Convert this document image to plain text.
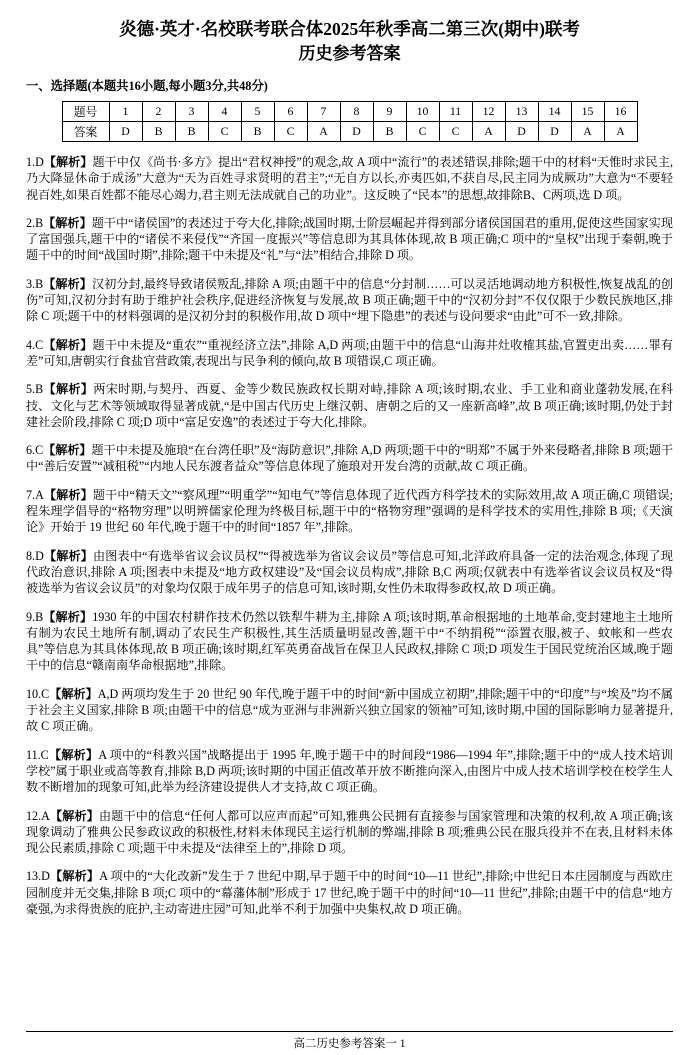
炎德·英才·名校联考联合体2025年秋季高二第三次(期中)联考
历史参考答案
一、选择题(本题共16小题,每小题3分,共48分)
题号	1	2	3	4	5	6	7	8	9	10	11	12	13	14	15	16
答案	D	B	B	C	B	C	A	D	B	C	C	A	D	D	A	A

1.D【解析】题干中仅《尚书·多方》提出“君权神授”的观念,故 A 项中“流行”的表述错误,排除;题干中的材料“天惟时求民主,乃大降显休命于成汤”大意为“天为百姓寻求贤明的君主”;“无自方以长,亦夷匹如,不获自尽,民主同为成厥功”大意为“不要轻视百姓,如果百姓都不能尽心竭力,君主则无法成就自己的功业”。这反映了“民本”的思想,故排除B、C两项,选 D 项。

2.B【解析】题干中“诸侯国”的表述过于夸大化,排除;战国时期,士阶层崛起并得到部分诸侯国国君的重用,促使这些国家实现了富国强兵,题干中的“诸侯不来侵伐”“齐国一度振兴”等信息即为其具体体现,故 B 项正确;C 项中的“皇权”出现于秦朝,晚于题干中的时间“战国时期”,排除;题干中未提及“礼”与“法”相结合,排除 D 项。

3.B【解析】汉初分封,最终导致诸侯叛乱,排除 A 项;由题干中的信息“分封制……可以灵活地调动地方积极性,恢复战乱的创伤”可知,汉初分封有助于维护社会秩序,促进经济恢复与发展,故 B 项正确;题干中的“汉初分封”不仅仅限于少数民族地区,排除 C 项;题干中的材料强调的是汉初分封的积极作用,故 D 项中“埋下隐患”的表述与设问要求“由此”可不一致,排除。

4.C【解析】题干中未提及“重农”“重视经济立法”,排除 A,D 两项;由题干中的信息“山海井灶收榷其盐,官置吏出卖……罪有差”可知,唐朝实行食盐官营政策,表现出与民争利的倾向,故 B 项错误,C 项正确。

5.B【解析】两宋时期,与契丹、西夏、金等少数民族政权长期对峙,排除 A 项;该时期,农业、手工业和商业蓬勃发展,在科技、文化与艺术等领域取得显著成就,“是中国古代历史上继汉朝、唐朝之后的又一座新高峰”,故 B 项正确;该时期,仍处于封建社会阶段,排除 C 项;D 项中“富足安逸”的表述过于夸大化,排除。

6.C【解析】题干中未提及施琅“在台湾任职”及“海防意识”,排除 A,D 两项;题干中的“明郑”不属于外来侵略者,排除 B 项;题干中“善后安置”“减租税”“内地人民东渡者益众”等信息体现了施琅对开发台湾的贡献,故 C 项正确。

7.A【解析】题干中“精天文”“察风理”“明重学”“知电气”等信息体现了近代西方科学技术的实际效用,故 A 项正确,C 项错误;程朱理学倡导的“格物穷理”以明辨儒家伦理为终极目标,题干中的“格物穷理”强调的是科学技术的实用性,排除 B 项;《天演论》开始于 19 世纪 60 年代,晚于题干中的时间“1857 年”,排除。

8.D【解析】由图表中“有选举省议会议员权”“得被选举为省议会议员”等信息可知,北洋政府具备一定的法治观念,体现了现代政治意识,排除 A 项;图表中未提及“地方政权建设”及“国会议员构成”,排除 B,C 两项;仅就表中有选举省议会议员权及“得被选举为省议会议员”的对象均仅限于成年男子的信息可知,该时期,女性仍未取得参政权,故 D 项正确。

9.B【解析】1930 年的中国农村耕作技术仍然以铁犁牛耕为主,排除 A 项;该时期,革命根据地的土地革命,变封建地主土地所有制为农民土地所有制,调动了农民生产积极性,其生活质量明显改善,题干中“不纳捐税”“添置衣服,被子、蚊帐和一些农具”等信息为其具体体现,故 B 项正确;该时期,红军英勇奋战旨在保卫人民政权,排除 C 项;D 项发生于国民党统治区域,晚于题干中的信息“赣南南华命根据地”,排除。

10.C【解析】A,D 两项均发生于 20 世纪 90 年代,晚于题干中的时间“新中国成立初期”,排除;题干中的“印度”与“埃及”均不属于社会主义国家,排除 B 项;由题干中的信息“成为亚洲与非洲新兴独立国家的领袖”可知,该时期,中国的国际影响力显著提升,故 C 项正确。

11.C【解析】A 项中的“科教兴国”战略提出于 1995 年,晚于题干中的时间段“1986—1994 年”,排除;题干中的“成人技术培训学校”属于职业或高等教育,排除 B,D 两项;该时期的中国正值改革开放不断推向深入,由图片中成人技术培训学校在校学生人数不断增加的现象可知,此举为经济建设提供人才支持,故 C 项正确。

12.A【解析】由题干中的信息“任何人都可以应声而起”可知,雅典公民拥有直接参与国家管理和决策的权利,故 A 项正确;该现象调动了雅典公民参政议政的积极性,材料未体现民主运行机制的弊端,排除 B 项;雅典公民在服兵役并不在表,且材料未体现公民素质,排除 C 项;题干中未提及“法律至上的”,排除 D 项。

13.D【解析】A 项中的“大化改新”发生于 7 世纪中期,早于题干中的时间“10—11 世纪”,排除;中世纪日本庄园制度与西欧庄园制度并无交集,排除 B 项;C 项中的“幕藩体制”形成于 17 世纪,晚于题干中的时间“10—11 世纪”,排除;由题干中的信息“地方豪强,为求得贵族的庇护,主动寄进庄园”可知,此举不利于加强中央集权,故 D 项正确。

高二历史参考答案一 1
